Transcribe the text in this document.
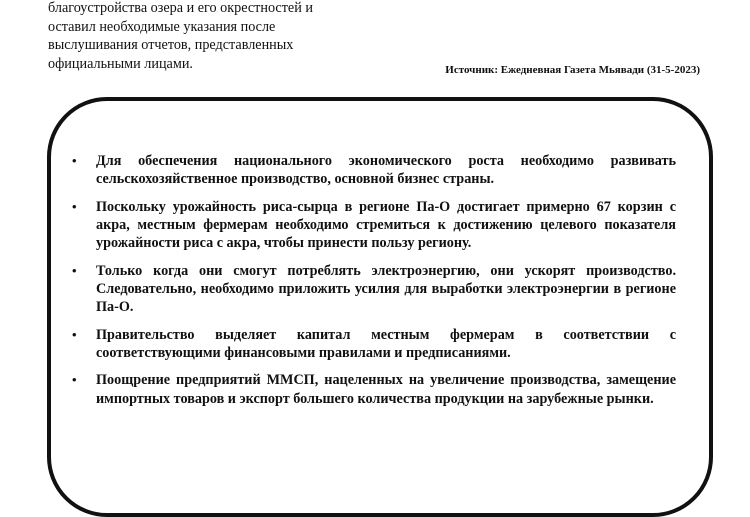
благоустройства озера и его окрестностей и
оставил необходимые указания после
выслушивания отчетов, представленных
официальными лицами.	Источник: Ежедневная Газета Мьявади (31-5-2023)
• Для обеспечения национального экономического роста необходимо развивать сельскохозяйственное производство, основной бизнес страны.
• Поскольку урожайность риса-сырца в регионе Па-О достигает примерно 67 корзин с акра, местным фермерам необходимо стремиться к достижению целевого показателя урожайности риса с акра, чтобы принести пользу региону.
• Только когда они смогут потреблять электроэнергию, они ускорят производство. Следовательно, необходимо приложить усилия для выработки электроэнергии в регионе Па-О.
• Правительство выделяет капитал местным фермерам в соответствии с соответствующими финансовыми правилами и предписаниями.
• Поощрение предприятий ММСП, нацеленных на увеличение производства, замещение импортных товаров и экспорт большего количества продукции на зарубежные рынки.
